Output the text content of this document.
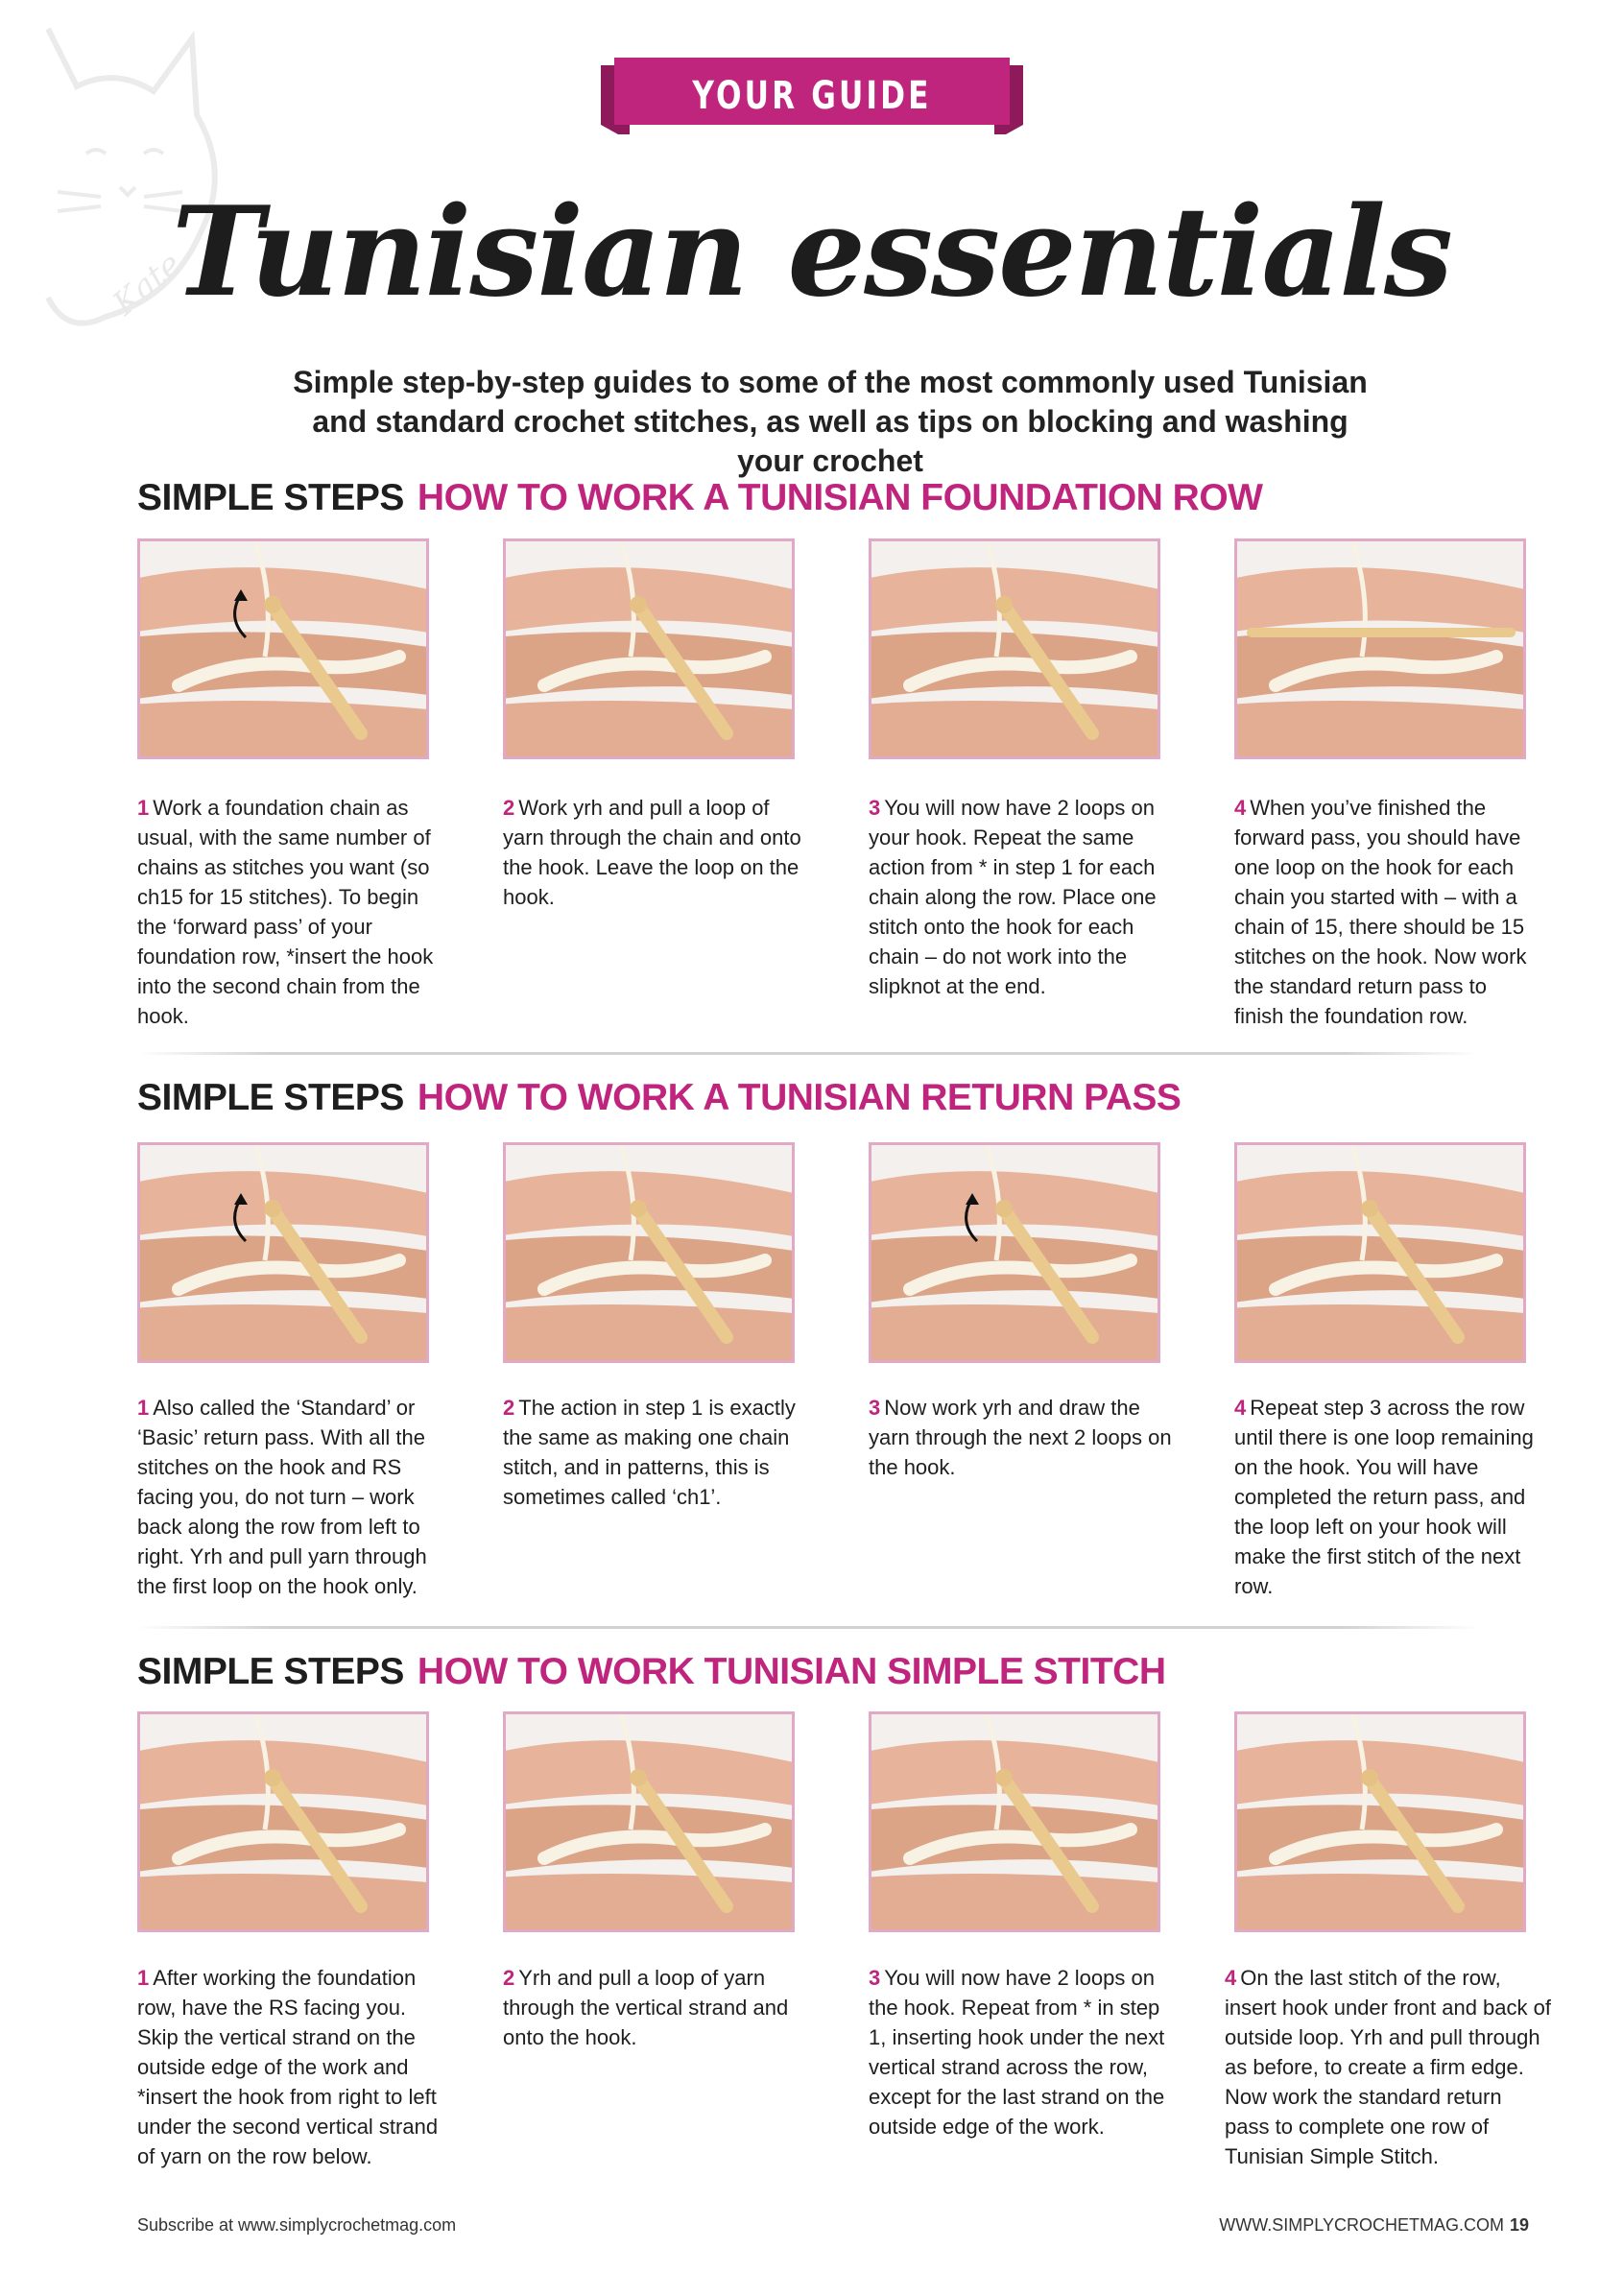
Kate
YOUR GUIDE
Tunisian essentials
Simple step-by-step guides to some of the most commonly used Tunisian and standard crochet stitches, as well as tips on blocking and washing your crochet
SIMPLE STEPS HOW TO WORK A TUNISIAN FOUNDATION ROW
SIMPLE STEPS HOW TO WORK A TUNISIAN RETURN PASS
SIMPLE STEPS HOW TO WORK TUNISIAN SIMPLE STITCH
1 Work a foundation chain as usual, with the same number of chains as stitches you want (so ch15 for 15 stitches). To begin the ‘forward pass’ of your foundation row, *insert the hook into the second chain from the hook.
2 Work yrh and pull a loop of yarn through the chain and onto the hook. Leave the loop on the hook.
3 You will now have 2 loops on your hook. Repeat the same action from * in step 1 for each chain along the row. Place one stitch onto the hook for each chain – do not work into the slipknot at the end.
4 When you’ve finished the forward pass, you should have one loop on the hook for each chain you started with – with a chain of 15, there should be 15 stitches on the hook. Now work the standard return pass to finish the foundation row.
1 Also called the ‘Standard’ or ‘Basic’ return pass. With all the stitches on the hook and RS facing you, do not turn – work back along the row from left to right. Yrh and pull yarn through the first loop on the hook only.
2 The action in step 1 is exactly the same as making one chain stitch, and in patterns, this is sometimes called ‘ch1’.
3 Now work yrh and draw the yarn through the next 2 loops on the hook.
4 Repeat step 3 across the row until there is one loop remaining on the hook. You will have completed the return pass, and the loop left on your hook will make the first stitch of the next row.
1 After working the foundation row, have the RS facing you. Skip the vertical strand on the outside edge of the work and *insert the hook from right to left under the second vertical strand of yarn on the row below.
2 Yrh and pull a loop of yarn through the vertical strand and onto the hook.
3 You will now have 2 loops on the hook. Repeat from * in step 1, inserting hook under the next vertical strand across the row, except for the last strand on the outside edge of the work.
4 On the last stitch of the row, insert hook under front and back of outside loop. Yrh and pull through as before, to create a firm edge. Now work the standard return pass to complete one row of Tunisian Simple Stitch.
Subscribe at www.simplycrochetmag.com	WWW.SIMPLYCROCHETMAG.COM 19
